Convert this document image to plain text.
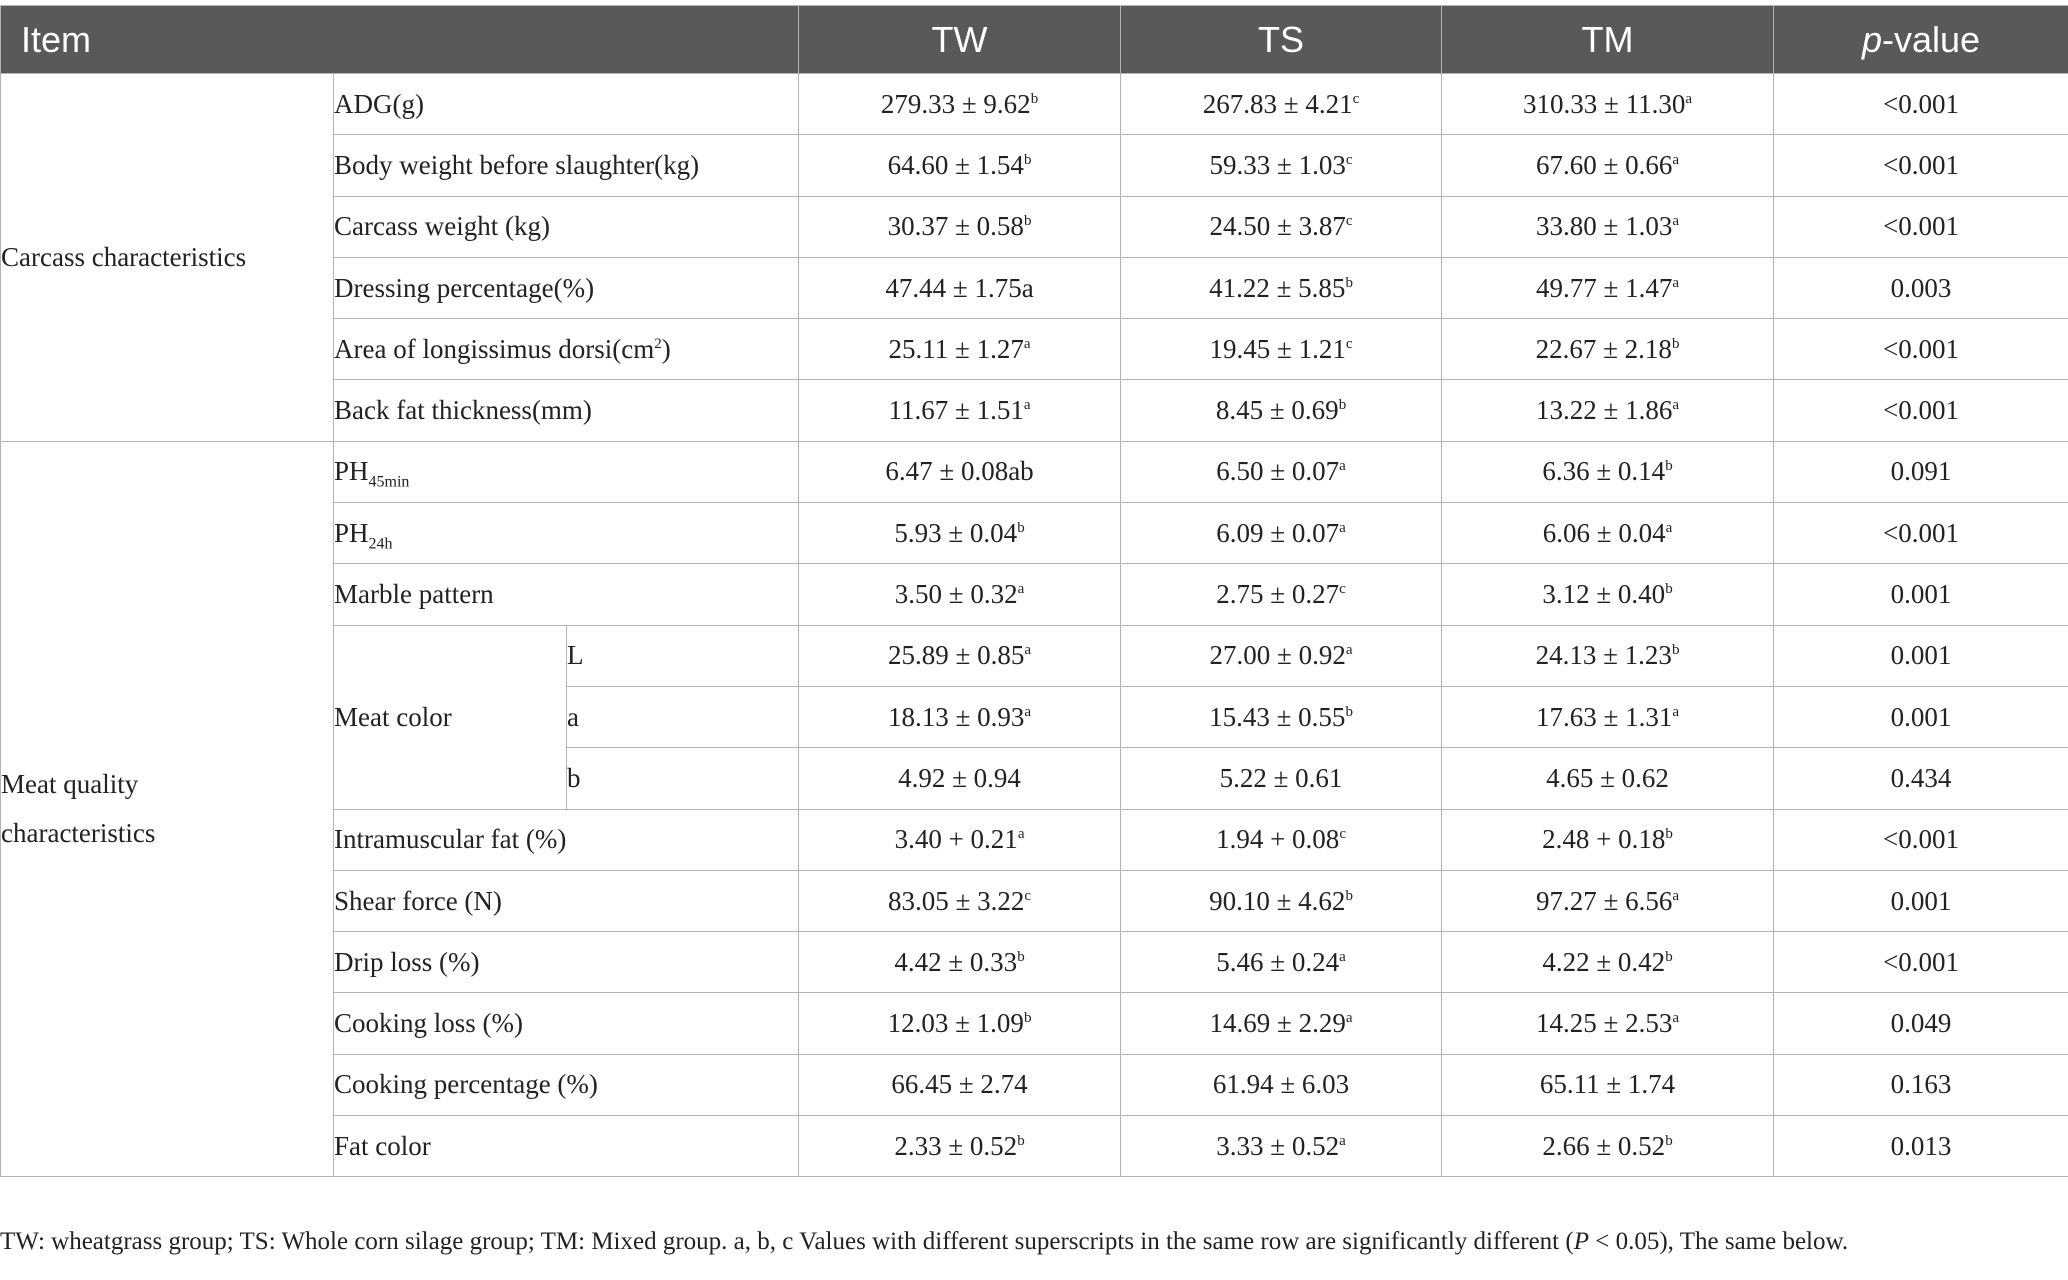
Item			TW	TS	TM	p-value
Carcass characteristics	ADG(g)		279.33 ± 9.62$^b$	267.83 ± 4.21$^c$	310.33 ± 11.30$^a$	<0.001
	Body weight before slaughter(kg)		64.60 ± 1.54$^b$	59.33 ± 1.03$^c$	67.60 ± 0.66$^a$	<0.001
	Carcass weight (kg)		30.37 ± 0.58$^b$	24.50 ± 3.87$^c$	33.80 ± 1.03$^a$	<0.001
	Dressing percentage(%)		47.44 ± 1.75a	41.22 ± 5.85$^b$	49.77 ± 1.47$^a$	0.003
	Area of longissimus $dorsi(cm^2)$		25.11 ± 1.27$^a$	19.45 ± 1.21$^c$	22.67 ± 2.18$^b$	<0.001
	Back fat thickness(mm)		11.67 ± 1.51$^a$	8.45 ± 0.69$^b$	13.22 ± 1.86$^a$	<0.001
Meat quality
characteristics	$PH_{45min}$		6.47 ± 0.08ab	6.50 ± 0.07$^a$	6.36 ± 0.14$^b$	0.091
	$PH_{24h}$		5.93 ± 0.04$^b$	6.09 ± 0.07$^a$	6.06 ± 0.04$^a$	<0.001
	Marble pattern		3.50 ± 0.32$^a$	2.75 ± 0.27$^c$	3.12 ± 0.40$^b$	0.001
	Meat color	L	25.89 ± 0.85$^a$	27.00 ± 0.92$^a$	24.13 ± 1.23$^b$	0.001
		a	18.13 ± 0.93$^a$	15.43 ± 0.55$^b$	17.63 ± 1.31$^a$	0.001
		b	4.92 ± 0.94	5.22 ± 0.61	4.65 ± 0.62	0.434
	Intramuscular fat (%)		3.40 + 0.21$^a$	1.94 + 0.08$^c$	2.48 + 0.18$^b$	<0.001
	Shear force (N)		83.05 ± 3.22$^c$	90.10 ± 4.62$^b$	97.27 ± 6.56$^a$	0.001
	Drip loss (%)		4.42 ± 0.33$^b$	5.46 ± 0.24$^a$	4.22 ± 0.42$^b$	<0.001
	Cooking loss (%)		12.03 ± 1.09$^b$	14.69 ± 2.29$^a$	14.25 ± 2.53$^a$	0.049
	Cooking percentage (%)		66.45 ± 2.74	61.94 ± 6.03	65.11 ± 1.74	0.163
	Fat color		2.33 ± 0.52$^b$	3.33 ± 0.52$^a$	2.66 ± 0.52$^b$	0.013
TW: wheatgrass group; TS: Whole corn silage group; TM: Mixed group. a, b, c Values with different superscripts in the same row are significantly different (P < 0.05), The same below.
